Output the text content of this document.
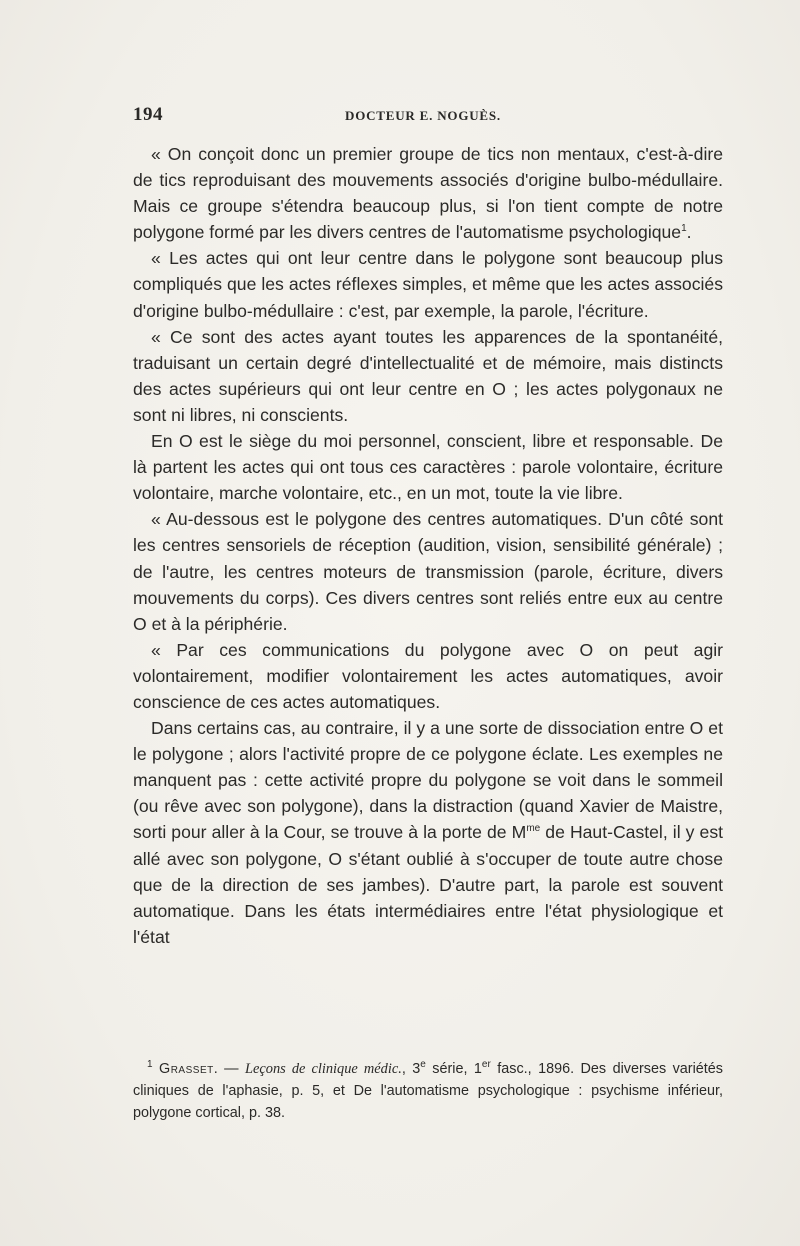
194	DOCTEUR E. NOGUÈS.

« On conçoit donc un premier groupe de tics non mentaux, c'est-à-dire de tics reproduisant des mouvements associés d'origine bulbo-médullaire. Mais ce groupe s'étendra beaucoup plus, si l'on tient compte de notre polygone formé par les divers centres de l'automatisme psychologique$^1$.

« Les actes qui ont leur centre dans le polygone sont beaucoup plus compliqués que les actes réflexes simples, et même que les actes associés d'origine bulbo-médullaire : c'est, par exemple, la parole, l'écriture.

« Ce sont des actes ayant toutes les apparences de la spontanéité, traduisant un certain degré d'intellectualité et de mémoire, mais distincts des actes supérieurs qui ont leur centre en O ; les actes polygonaux ne sont ni libres, ni conscients.

En O est le siège du moi personnel, conscient, libre et responsable. De là partent les actes qui ont tous ces caractères : parole volontaire, écriture volontaire, marche volontaire, etc., en un mot, toute la vie libre.

« Au-dessous est le polygone des centres automatiques. D'un côté sont les centres sensoriels de réception (audition, vision, sensibilité générale) ; de l'autre, les centres moteurs de transmission (parole, écriture, divers mouvements du corps). Ces divers centres sont reliés entre eux au centre O et à la périphérie.

« Par ces communications du polygone avec O on peut agir volontairement, modifier volontairement les actes automatiques, avoir conscience de ces actes automatiques.

Dans certains cas, au contraire, il y a une sorte de dissociation entre O et le polygone ; alors l'activité propre de ce polygone éclate. Les exemples ne manquent pas : cette activité propre du polygone se voit dans le sommeil (ou rêve avec son polygone), dans la distraction (quand Xavier de Maistre, sorti pour aller à la Cour, se trouve à la porte de $M^{me}$ de Haut-Castel, il y est allé avec son polygone, O s'étant oublié à s'occuper de toute autre chose que de la direction de ses jambes). D'autre part, la parole est souvent automatique. Dans les états intermédiaires entre l'état physiologique et l'état

$^1$ Grasset. — Leçons de clinique médic., 3e série, 1er fasc., 1896. Des diverses variétés cliniques de l'aphasie, p. 5, et De l'automatisme psychologique : psychisme inférieur, polygone cortical, p. 38.
